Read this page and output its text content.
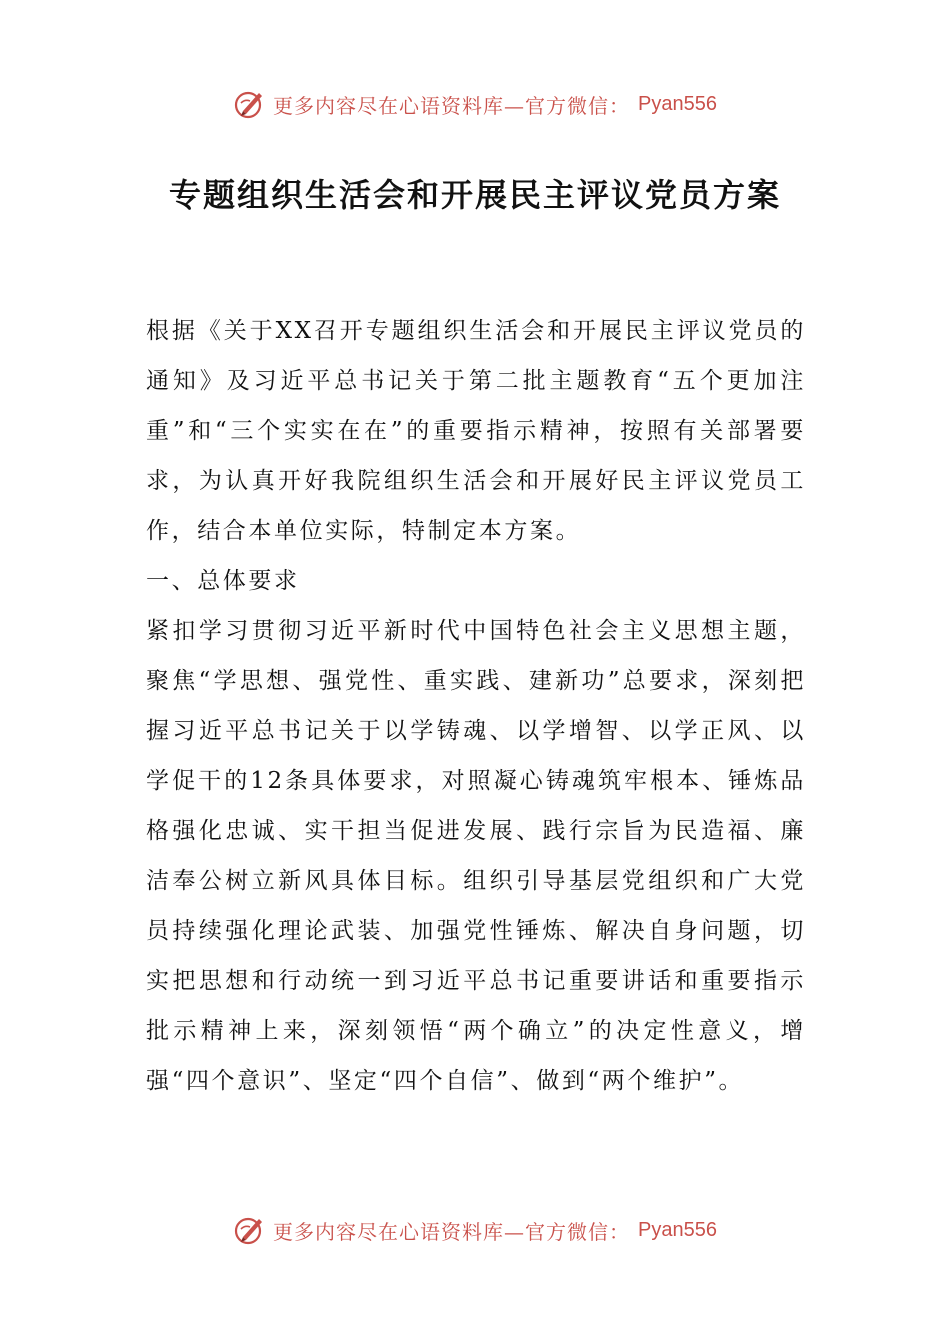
更多内容尽在心语资料库—官方微信： Pyan556
专题组织生活会和开展民主评议党员方案

根据《关于XX召开专题组织生活会和开展民主评议党员的通知》及习近平总书记关于第二批主题教育“五个更加注重”和“三个实实在在”的重要指示精神，按照有关部署要求，为认真开好我院组织生活会和开展好民主评议党员工作，结合本单位实际，特制定本方案。

一、总体要求

紧扣学习贯彻习近平新时代中国特色社会主义思想主题，聚焦“学思想、强党性、重实践、建新功”总要求，深刻把握习近平总书记关于以学铸魂、以学增智、以学正风、以学促干的12条具体要求，对照凝心铸魂筑牢根本、锤炼品格强化忠诚、实干担当促进发展、践行宗旨为民造福、廉洁奉公树立新风具体目标。组织引导基层党组织和广大党员持续强化理论武装、加强党性锤炼、解决自身问题，切实把思想和行动统一到习近平总书记重要讲话和重要指示批示精神上来，深刻领悟“两个确立”的决定性意义，增强“四个意识”、坚定“四个自信”、做到“两个维护”。

更多内容尽在心语资料库—官方微信： Pyan556
